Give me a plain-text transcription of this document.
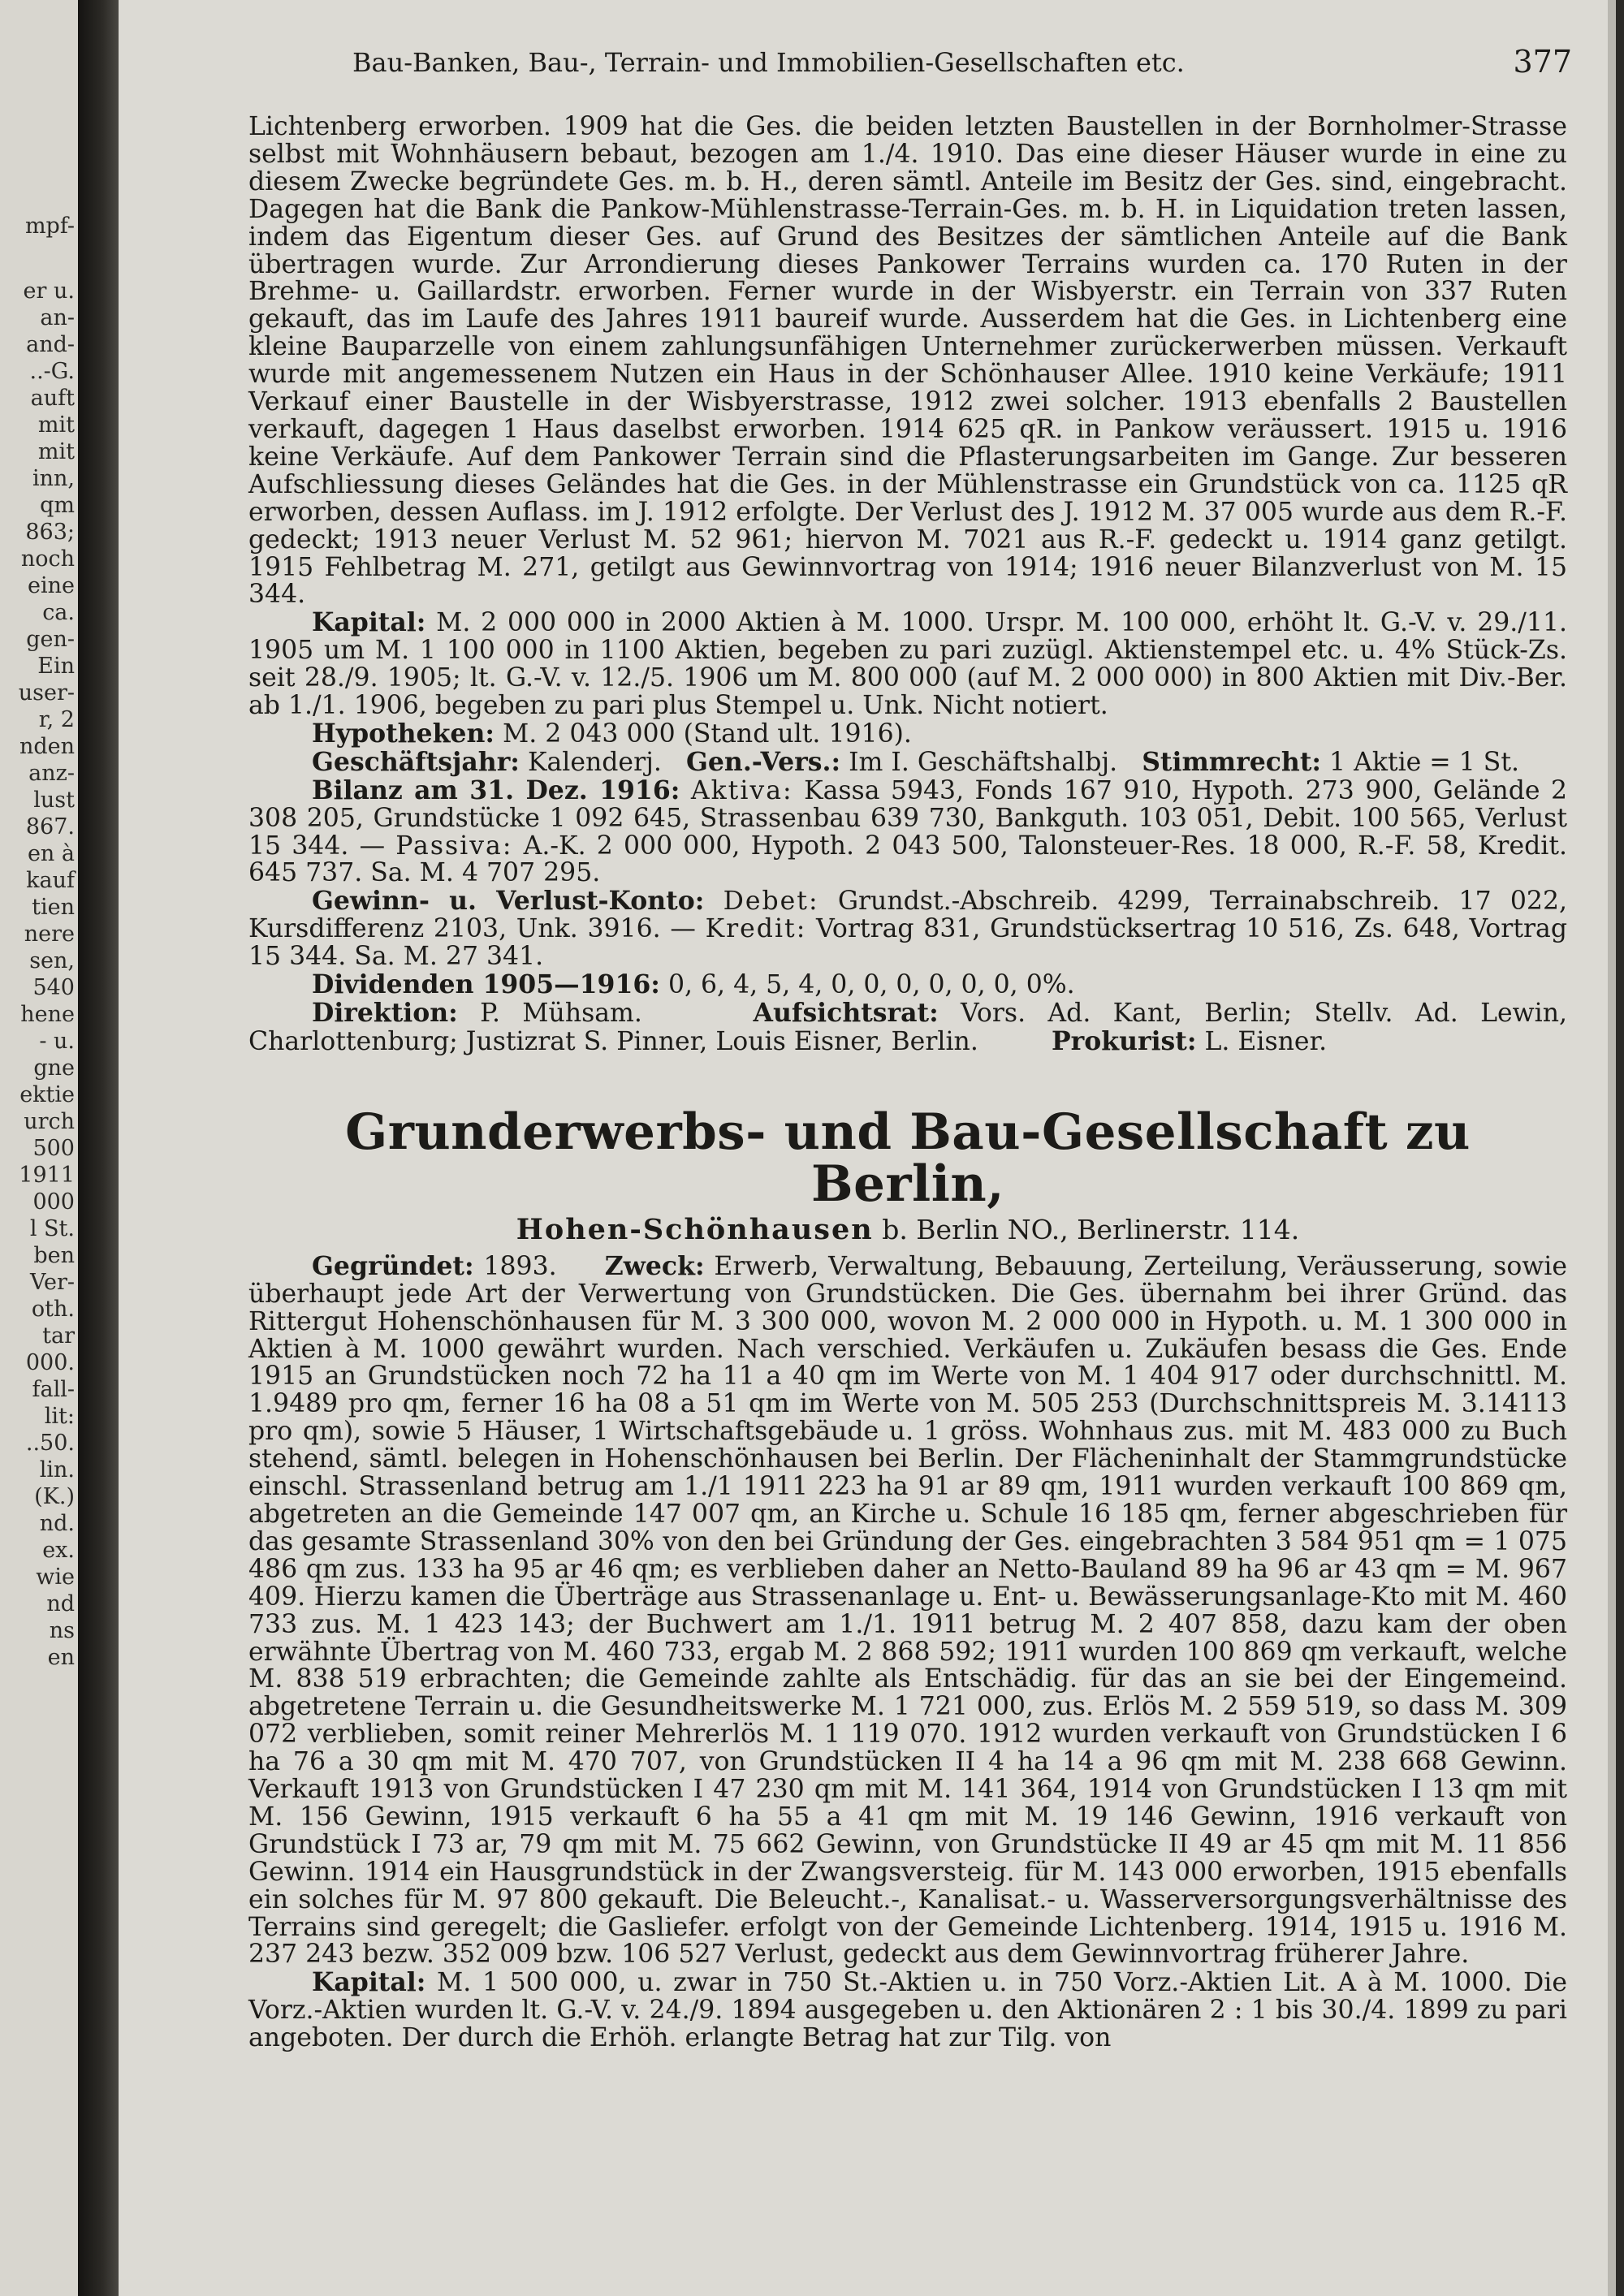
mpf-
er u.
an-
and-
..-G.
auft
mit
mit
inn,
qm
863;
noch
eine
ca.
gen-
Ein
user-
r, 2
nden
anz-
lust
867.
en à
kauf
tien
nere
sen,
540
hene
- u.
gne
ektie
urch
500
1911
000
l St.
ben
Ver-
oth.
tar
000.
fall-
lit:
..50.
lin.
(K.)
nd.
ex.
wie
nd
ns
en
Bau-Banken, Bau-, Terrain- und Immobilien-Gesellschaften etc.	377

Lichtenberg erworben. 1909 hat die Ges. die beiden letzten Baustellen in der Bornholmer-Strasse selbst mit Wohnhäusern bebaut, bezogen am 1./4. 1910. Das eine dieser Häuser wurde in eine zu diesem Zwecke begründete Ges. m. b. H., deren sämtl. Anteile im Besitz der Ges. sind, eingebracht. Dagegen hat die Bank die Pankow-Mühlenstrasse-Terrain-Ges. m. b. H. in Liquidation treten lassen, indem das Eigentum dieser Ges. auf Grund des Besitzes der sämtlichen Anteile auf die Bank übertragen wurde. Zur Arrondierung dieses Pankower Terrains wurden ca. 170 Ruten in der Brehme- u. Gaillardstr. erworben. Ferner wurde in der Wisbyerstr. ein Terrain von 337 Ruten gekauft, das im Laufe des Jahres 1911 baureif wurde. Ausserdem hat die Ges. in Lichtenberg eine kleine Bauparzelle von einem zahlungsunfähigen Unternehmer zurückerwerben müssen. Verkauft wurde mit angemessenem Nutzen ein Haus in der Schönhauser Allee. 1910 keine Verkäufe; 1911 Verkauf einer Baustelle in der Wisbyerstrasse, 1912 zwei solcher. 1913 ebenfalls 2 Baustellen verkauft, dagegen 1 Haus daselbst erworben. 1914 625 qR. in Pankow veräussert. 1915 u. 1916 keine Verkäufe. Auf dem Pankower Terrain sind die Pflasterungsarbeiten im Gange. Zur besseren Aufschliessung dieses Geländes hat die Ges. in der Mühlenstrasse ein Grundstück von ca. 1125 qR erworben, dessen Auflass. im J. 1912 erfolgte. Der Verlust des J. 1912 M. 37 005 wurde aus dem R.-F. gedeckt; 1913 neuer Verlust M. 52 961; hiervon M. 7021 aus R.-F. gedeckt u. 1914 ganz getilgt. 1915 Fehlbetrag M. 271, getilgt aus Gewinnvortrag von 1914; 1916 neuer Bilanzverlust von M. 15 344.

Kapital: M. 2 000 000 in 2000 Aktien à M. 1000. Urspr. M. 100 000, erhöht lt. G.-V. v. 29./11. 1905 um M. 1 100 000 in 1100 Aktien, begeben zu pari zuzügl. Aktienstempel etc. u. 4% Stück-Zs. seit 28./9. 1905; lt. G.-V. v. 12./5. 1906 um M. 800 000 (auf M. 2 000 000) in 800 Aktien mit Div.-Ber. ab 1./1. 1906, begeben zu pari plus Stempel u. Unk. Nicht notiert.

Hypotheken: M. 2 043 000 (Stand ult. 1916).

Geschäftsjahr: Kalenderj. Gen.-Vers.: Im I. Geschäftshalbj. Stimmrecht: 1 Aktie = 1 St.

Bilanz am 31. Dez. 1916: Aktiva: Kassa 5943, Fonds 167 910, Hypoth. 273 900, Gelände 2 308 205, Grundstücke 1 092 645, Strassenbau 639 730, Bankguth. 103 051, Debit. 100 565, Verlust 15 344. — Passiva: A.-K. 2 000 000, Hypoth. 2 043 500, Talonsteuer-Res. 18 000, R.-F. 58, Kredit. 645 737. Sa. M. 4 707 295.

Gewinn- u. Verlust-Konto: Debet: Grundst.-Abschreib. 4299, Terrainabschreib. 17 022, Kursdifferenz 2103, Unk. 3916. — Kredit: Vortrag 831, Grundstücksertrag 10 516, Zs. 648, Vortrag 15 344. Sa. M. 27 341.

Dividenden 1905—1916: 0, 6, 4, 5, 4, 0, 0, 0, 0, 0, 0, 0%.

Direktion: P. Mühsam.	Aufsichtsrat: Vors. Ad. Kant, Berlin; Stellv. Ad. Lewin, Charlottenburg; Justizrat S. Pinner, Louis Eisner, Berlin.	Prokurist: L. Eisner.

Grunderwerbs- und Bau-Gesellschaft zu Berlin,
Hohen-Schönhausen b. Berlin NO., Berlinerstr. 114.

Gegründet: 1893. Zweck: Erwerb, Verwaltung, Bebauung, Zerteilung, Veräusserung, sowie überhaupt jede Art der Verwertung von Grundstücken. Die Ges. übernahm bei ihrer Gründ. das Rittergut Hohenschönhausen für M. 3 300 000, wovon M. 2 000 000 in Hypoth. u. M. 1 300 000 in Aktien à M. 1000 gewährt wurden. Nach verschied. Verkäufen u. Zukäufen besass die Ges. Ende 1915 an Grundstücken noch 72 ha 11 a 40 qm im Werte von M. 1 404 917 oder durchschnittl. M. 1.9489 pro qm, ferner 16 ha 08 a 51 qm im Werte von M. 505 253 (Durchschnittspreis M. 3.14113 pro qm), sowie 5 Häuser, 1 Wirtschaftsgebäude u. 1 gröss. Wohnhaus zus. mit M. 483 000 zu Buch stehend, sämtl. belegen in Hohenschönhausen bei Berlin. Der Flächeninhalt der Stammgrundstücke einschl. Strassenland betrug am 1./1 1911 223 ha 91 ar 89 qm, 1911 wurden verkauft 100 869 qm, abgetreten an die Gemeinde 147 007 qm, an Kirche u. Schule 16 185 qm, ferner abgeschrieben für das gesamte Strassenland 30% von den bei Gründung der Ges. eingebrachten 3 584 951 qm = 1 075 486 qm zus. 133 ha 95 ar 46 qm; es verblieben daher an Netto-Bauland 89 ha 96 ar 43 qm = M. 967 409. Hierzu kamen die Überträge aus Strassenanlage u. Ent- u. Bewässerungsanlage-Kto mit M. 460 733 zus. M. 1 423 143; der Buchwert am 1./1. 1911 betrug M. 2 407 858, dazu kam der oben erwähnte Übertrag von M. 460 733, ergab M. 2 868 592; 1911 wurden 100 869 qm verkauft, welche M. 838 519 erbrachten; die Gemeinde zahlte als Entschädig. für das an sie bei der Eingemeind. abgetretene Terrain u. die Gesundheitswerke M. 1 721 000, zus. Erlös M. 2 559 519, so dass M. 309 072 verblieben, somit reiner Mehrerlös M. 1 119 070. 1912 wurden verkauft von Grundstücken I 6 ha 76 a 30 qm mit M. 470 707, von Grundstücken II 4 ha 14 a 96 qm mit M. 238 668 Gewinn. Verkauft 1913 von Grundstücken I 47 230 qm mit M. 141 364, 1914 von Grundstücken I 13 qm mit M. 156 Gewinn, 1915 verkauft 6 ha 55 a 41 qm mit M. 19 146 Gewinn, 1916 verkauft von Grundstück I 73 ar, 79 qm mit M. 75 662 Gewinn, von Grundstücke II 49 ar 45 qm mit M. 11 856 Gewinn. 1914 ein Hausgrundstück in der Zwangsversteig. für M. 143 000 erworben, 1915 ebenfalls ein solches für M. 97 800 gekauft. Die Beleucht.-, Kanalisat.- u. Wasserversorgungsverhältnisse des Terrains sind geregelt; die Gasliefer. erfolgt von der Gemeinde Lichtenberg. 1914, 1915 u. 1916 M. 237 243 bezw. 352 009 bzw. 106 527 Verlust, gedeckt aus dem Gewinnvortrag früherer Jahre.

Kapital: M. 1 500 000, u. zwar in 750 St.-Aktien u. in 750 Vorz.-Aktien Lit. A à M. 1000. Die Vorz.-Aktien wurden lt. G.-V. v. 24./9. 1894 ausgegeben u. den Aktionären 2 : 1 bis 30./4. 1899 zu pari angeboten. Der durch die Erhöh. erlangte Betrag hat zur Tilg. von
